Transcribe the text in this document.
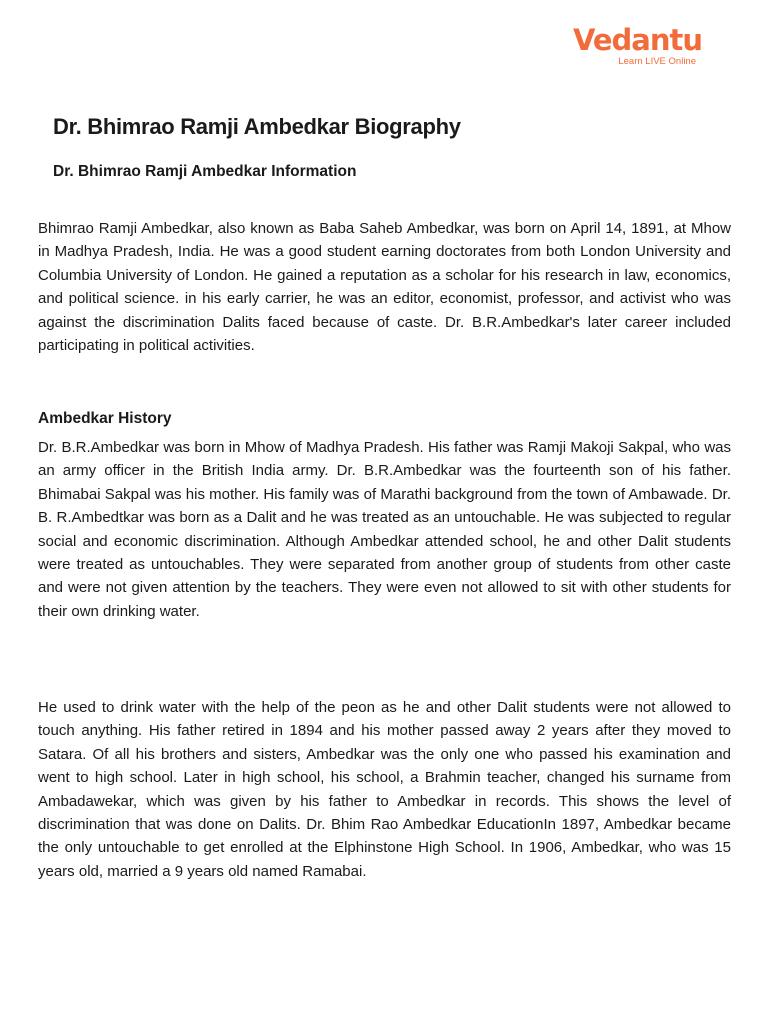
Vedantu
Learn LIVE Online
Dr. Bhimrao Ramji Ambedkar Biography
Dr. Bhimrao Ramji Ambedkar Information

Bhimrao Ramji Ambedkar, also known as Baba Saheb Ambedkar, was born on April 14, 1891, at Mhow in Madhya Pradesh, India. He was a good student earning doctorates from both London University and Columbia University of London. He gained a reputation as a scholar for his research in law, economics, and political science. in his early carrier, he was an editor, economist, professor, and activist who was against the discrimination Dalits faced because of caste. Dr. B.R.Ambedkar's later career included participating in political activities.

Ambedkar History

Dr. B.R.Ambedkar was born in Mhow of Madhya Pradesh. His father was Ramji Makoji Sakpal, who was an army officer in the British India army. Dr. B.R.Ambedkar was the fourteenth son of his father. Bhimabai Sakpal was his mother. His family was of Marathi background from the town of Ambawade. Dr. B. R.Ambedtkar was born as a Dalit and he was treated as an untouchable. He was subjected to regular social and economic discrimination. Although Ambedkar attended school, he and other Dalit students were treated as untouchables. They were separated from another group of students from other caste and were not given attention by the teachers. They were even not allowed to sit with other students for their own drinking water.

He used to drink water with the help of the peon as he and other Dalit students were not allowed to touch anything. His father retired in 1894 and his mother passed away 2 years after they moved to Satara. Of all his brothers and sisters, Ambedkar was the only one who passed his examination and went to high school. Later in high school, his school, a Brahmin teacher, changed his surname from Ambadawekar, which was given by his father to Ambedkar in records. This shows the level of discrimination that was done on Dalits. Dr. Bhim Rao Ambedkar EducationIn 1897, Ambedkar became the only untouchable to get enrolled at the Elphinstone High School. In 1906, Ambedkar, who was 15 years old, married a 9 years old named Ramabai.
